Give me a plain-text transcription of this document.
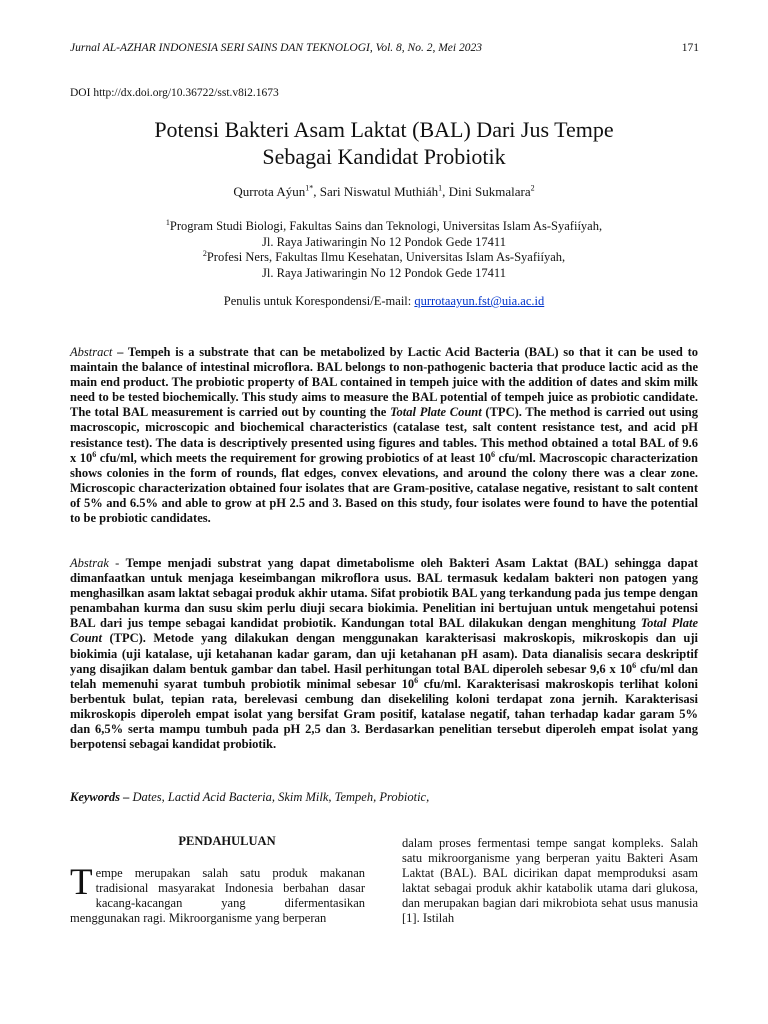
Jurnal AL-AZHAR INDONESIA SERI SAINS DAN TEKNOLOGI, Vol. 8, No. 2, Mei 2023	171
DOI http://dx.doi.org/10.36722/sst.v8i2.1673
Potensi Bakteri Asam Laktat (BAL) Dari Jus Tempe
Sebagai Kandidat Probiotik
Qurrota Aýun$^{1*}$, Sari Niswatul Muthiáh$^1$, Dini Sukmalara$^2$
$^1$Program Studi Biologi, Fakultas Sains dan Teknologi, Universitas Islam As-Syafiíyah,
Jl. Raya Jatiwaringin No 12 Pondok Gede 17411
$^2$Profesi Ners, Fakultas Ilmu Kesehatan, Universitas Islam As-Syafiíyah,
Jl. Raya Jatiwaringin No 12 Pondok Gede 17411
Penulis untuk Korespondensi/E-mail: qurrotaayun.fst@uia.ac.id
Abstract – Tempeh is a substrate that can be metabolized by Lactic Acid Bacteria (BAL) so that it can be used to maintain the balance of intestinal microflora. BAL belongs to non-pathogenic bacteria that produce lactic acid as the main end product. The probiotic property of BAL contained in tempeh juice with the addition of dates and skim milk need to be tested biochemically. This study aims to measure the BAL potential of tempeh juice as probiotic candidate. The total BAL measurement is carried out by counting the Total Plate Count (TPC). The method is carried out using macroscopic, microscopic and biochemical characteristics (catalase test, salt content resistance test, and acid pH resistance test). The data is descriptively presented using figures and tables. This method obtained a total BAL of 9.6 x $10^6$ cfu/ml, which meets the requirement for growing probiotics of at least $10^6$ cfu/ml. Macroscopic characterization shows colonies in the form of rounds, flat edges, convex elevations, and around the colony there was a clear zone. Microscopic characterization obtained four isolates that are Gram-positive, catalase negative, resistant to salt content of 5% and 6.5% and able to grow at pH 2.5 and 3. Based on this study, four isolates were found to have the potential to be probiotic candidates.
Abstrak - Tempe menjadi substrat yang dapat dimetabolisme oleh Bakteri Asam Laktat (BAL) sehingga dapat dimanfaatkan untuk menjaga keseimbangan mikroflora usus. BAL termasuk kedalam bakteri non patogen yang menghasilkan asam laktat sebagai produk akhir utama. Sifat probiotik BAL yang terkandung pada jus tempe dengan penambahan kurma dan susu skim perlu diuji secara biokimia. Penelitian ini bertujuan untuk mengetahui potensi BAL dari jus tempe sebagai kandidat probiotik. Kandungan total BAL dilakukan dengan menghitung Total Plate Count (TPC). Metode yang dilakukan dengan menggunakan karakterisasi makroskopis, mikroskopis dan uji biokimia (uji katalase, uji ketahanan kadar garam, dan uji ketahanan pH asam). Data dianalisis secara deskriptif yang disajikan dalam bentuk gambar dan tabel. Hasil perhitungan total BAL diperoleh sebesar 9,6 x $10^6$ cfu/ml dan telah memenuhi syarat tumbuh probiotik minimal sebesar $10^6$ cfu/ml. Karakterisasi makroskopis terlihat koloni berbentuk bulat, tepian rata, berelevasi cembung dan disekeliling koloni terdapat zona jernih. Karakterisasi mikroskopis diperoleh empat isolat yang bersifat Gram positif, katalase negatif, tahan terhadap kadar garam 5% dan 6,5% serta mampu tumbuh pada pH 2,5 dan 3. Berdasarkan penelitian tersebut diperoleh empat isolat yang berpotensi sebagai kandidat probiotik.
Keywords – Dates, Lactid Acid Bacteria, Skim Milk, Tempeh, Probiotic,
PENDAHULUAN
Tempe merupakan salah satu produk makanan tradisional masyarakat Indonesia berbahan dasar kacang-kacangan yang difermentasikan menggunakan ragi. Mikroorganisme yang berperan
dalam proses fermentasi tempe sangat kompleks. Salah satu mikroorganisme yang berperan yaitu Bakteri Asam Laktat (BAL). BAL dicirikan dapat memproduksi asam laktat sebagai produk akhir katabolik utama dari glukosa, dan merupakan bagian dari mikrobiota sehat usus manusia [1]. Istilah
